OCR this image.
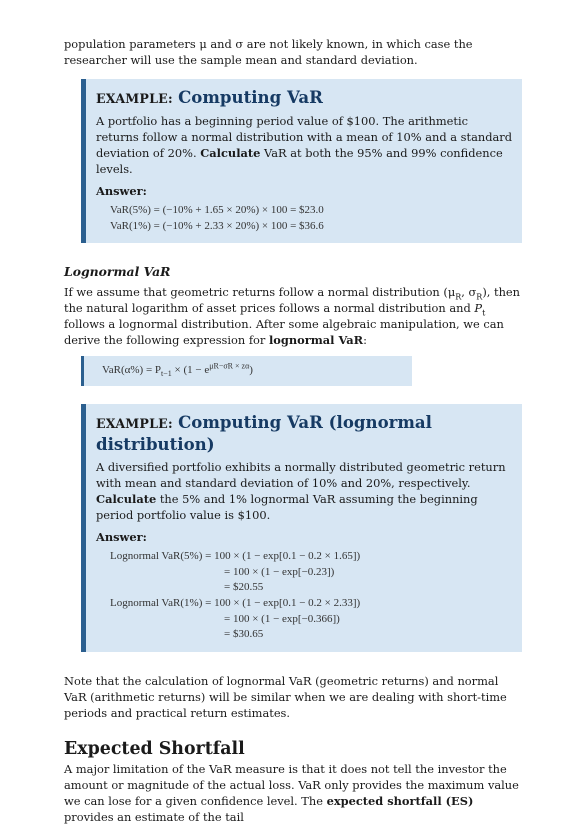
population parameters μ and σ are not likely known, in which case the researcher will use the sample mean and standard deviation.

EXAMPLE: Computing VaR

A portfolio has a beginning period value of $100. The arithmetic returns follow a normal distribution with a mean of 10% and a standard deviation of 20%. Calculate VaR at both the 95% and 99% confidence levels.

Answer:
VaR(5%) = (−10% + 1.65 × 20%) × 100 = $23.0
VaR(1%) = (−10% + 2.33 × 20%) × 100 = $36.6
Lognormal VaR

If we assume that geometric returns follow a normal distribution ($\mu_R$, $\sigma_R$), then the natural logarithm of asset prices follows a normal distribution and $P_t$ follows a lognormal distribution. After some algebraic manipulation, we can derive the following expression for lognormal VaR:

$VaR(\alpha\%) = P_{t-1} \times (1 - e^{\mu R-\sigma R \times z\alpha})$
EXAMPLE: Computing VaR (lognormal distribution)

A diversified portfolio exhibits a normally distributed geometric return with mean and standard deviation of 10% and 20%, respectively. Calculate the 5% and 1% lognormal VaR assuming the beginning period portfolio value is $100.

Answer:
Lognormal VaR(5%) = 100 × (1 − exp[0.1 − 0.2 × 1.65])
= 100 × (1 − exp[−0.23])
= $20.55
Lognormal VaR(1%) = 100 × (1 − exp[0.1 − 0.2 × 2.33])
= 100 × (1 − exp[−0.366])
= $30.65

Note that the calculation of lognormal VaR (geometric returns) and normal VaR (arithmetic returns) will be similar when we are dealing with short-time periods and practical return estimates.

Expected Shortfall

A major limitation of the VaR measure is that it does not tell the investor the amount or magnitude of the actual loss. VaR only provides the maximum value we can lose for a given confidence level. The expected shortfall (ES) provides an estimate of the tail
